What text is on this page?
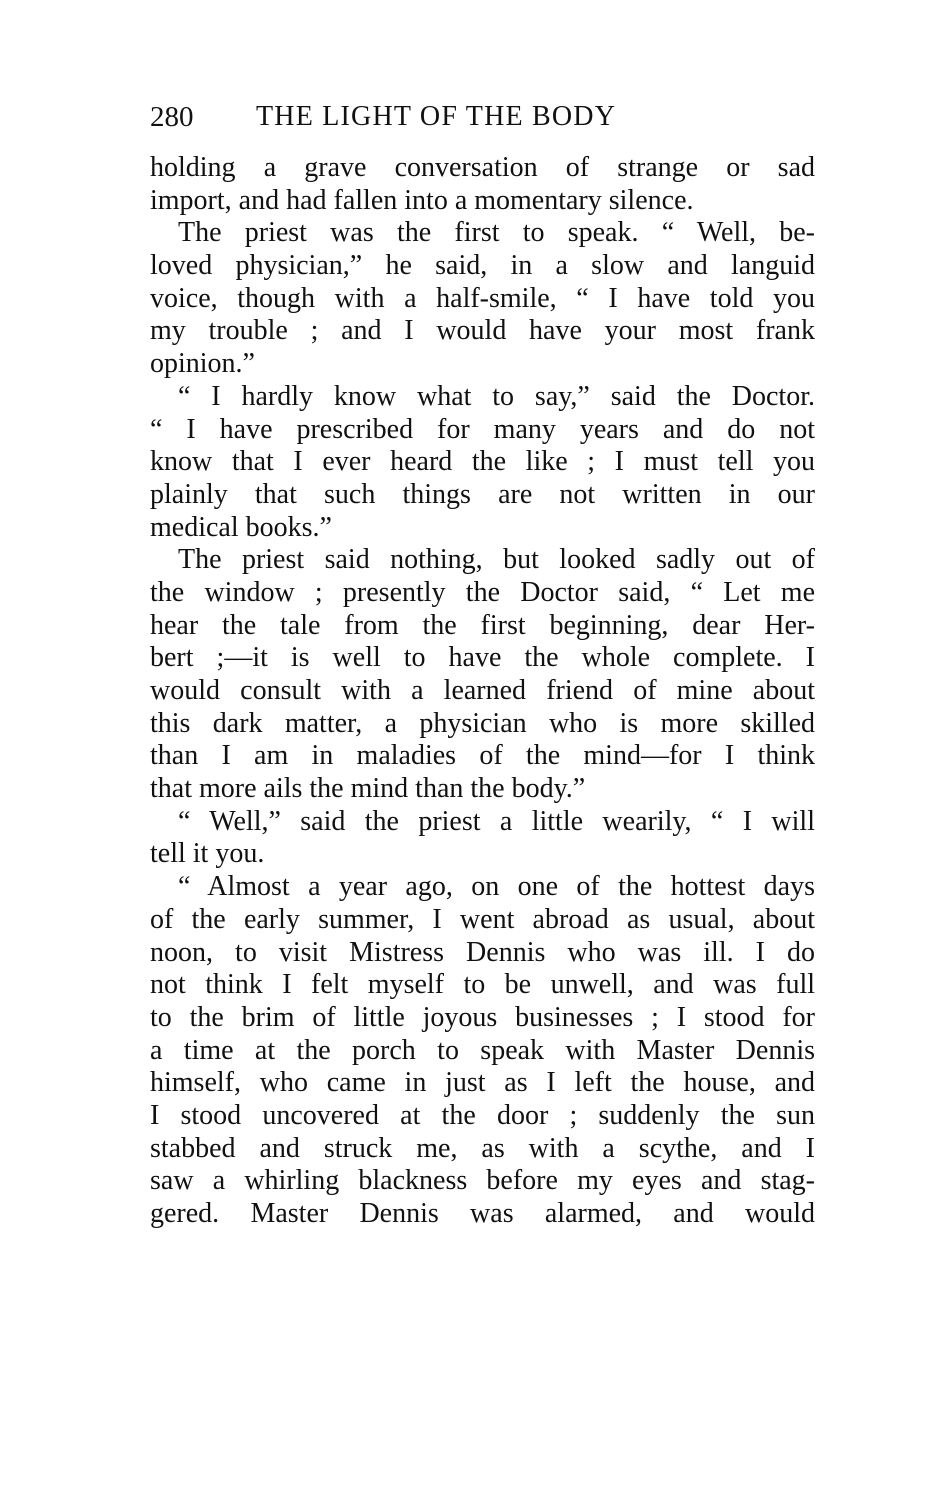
280 THE LIGHT OF THE BODY
holding a grave conversation of strange or sad
import, and had fallen into a momentary silence.
The priest was the first to speak. “ Well, be-
loved physician,” he said, in a slow and languid
voice, though with a half-smile, “ I have told you
my trouble ; and I would have your most frank
opinion.”
“ I hardly know what to say,” said the Doctor.
“ I have prescribed for many years and do not
know that I ever heard the like ; I must tell you
plainly that such things are not written in our
medical books.”
The priest said nothing, but looked sadly out of
the window ; presently the Doctor said, “ Let me
hear the tale from the first beginning, dear Her-
bert ;—it is well to have the whole complete. I
would consult with a learned friend of mine about
this dark matter, a physician who is more skilled
than I am in maladies of the mind—for I think
that more ails the mind than the body.”
“ Well,” said the priest a little wearily, “ I will
tell it you.
“ Almost a year ago, on one of the hottest days
of the early summer, I went abroad as usual, about
noon, to visit Mistress Dennis who was ill. I do
not think I felt myself to be unwell, and was full
to the brim of little joyous businesses ; I stood for
a time at the porch to speak with Master Dennis
himself, who came in just as I left the house, and
I stood uncovered at the door ; suddenly the sun
stabbed and struck me, as with a scythe, and I
saw a whirling blackness before my eyes and stag-
gered. Master Dennis was alarmed, and would
